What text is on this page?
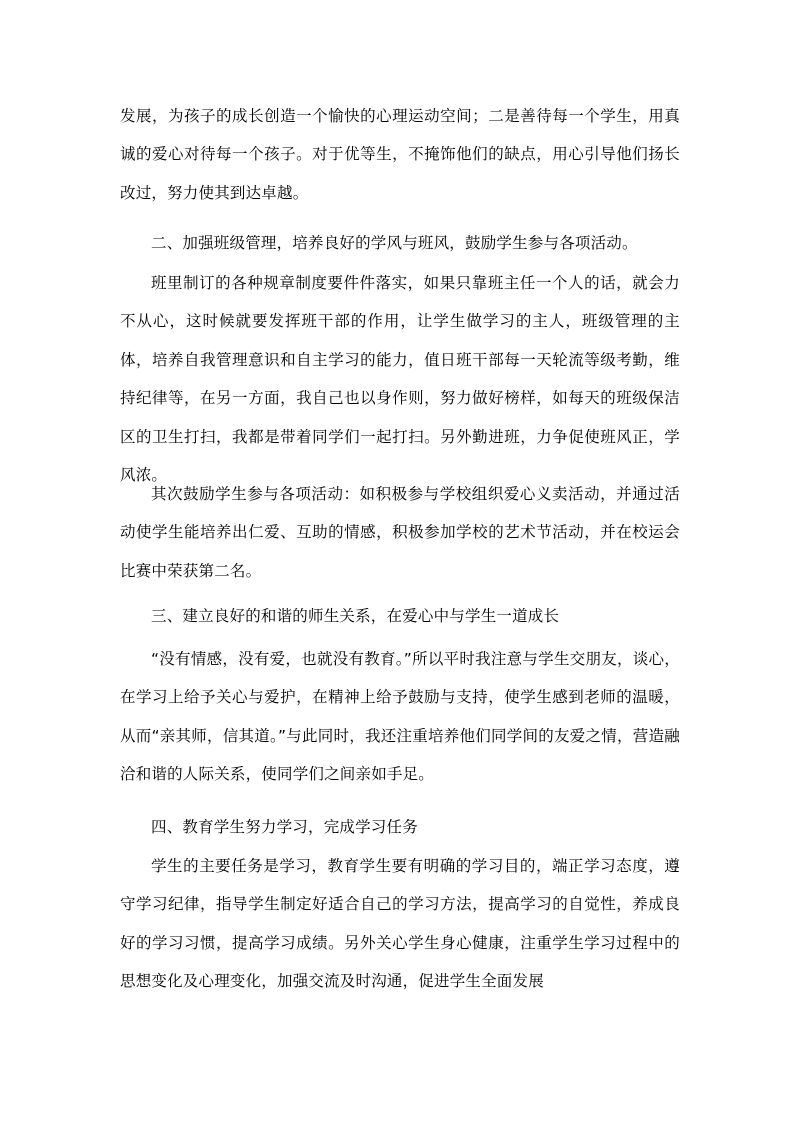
发展，为孩子的成长创造一个愉快的心理运动空间；二是善待每一个学生，用真诚的爱心对待每一个孩子。对于优等生，不掩饰他们的缺点，用心引导他们扬长改过，努力使其到达卓越。

二、加强班级管理，培养良好的学风与班风，鼓励学生参与各项活动。

班里制订的各种规章制度要件件落实，如果只靠班主任一个人的话，就会力不从心，这时候就要发挥班干部的作用，让学生做学习的主人，班级管理的主体，培养自我管理意识和自主学习的能力，值日班干部每一天轮流等级考勤，维持纪律等，在另一方面，我自己也以身作则，努力做好榜样，如每天的班级保洁区的卫生打扫，我都是带着同学们一起打扫。另外勤进班，力争促使班风正，学风浓。

其次鼓励学生参与各项活动：如积极参与学校组织爱心义卖活动，并通过活动使学生能培养出仁爱、互助的情感，积极参加学校的艺术节活动，并在校运会比赛中荣获第二名。

三、建立良好的和谐的师生关系，在爱心中与学生一道成长

“没有情感，没有爱，也就没有教育。”所以平时我注意与学生交朋友，谈心，在学习上给予关心与爱护，在精神上给予鼓励与支持，使学生感到老师的温暖，从而“亲其师，信其道。”与此同时，我还注重培养他们同学间的友爱之情，营造融洽和谐的人际关系，使同学们之间亲如手足。

四、教育学生努力学习，完成学习任务

学生的主要任务是学习，教育学生要有明确的学习目的，端正学习态度，遵守学习纪律，指导学生制定好适合自己的学习方法，提高学习的自觉性，养成良好的学习习惯，提高学习成绩。另外关心学生身心健康，注重学生学习过程中的思想变化及心理变化，加强交流及时沟通，促进学生全面发展
